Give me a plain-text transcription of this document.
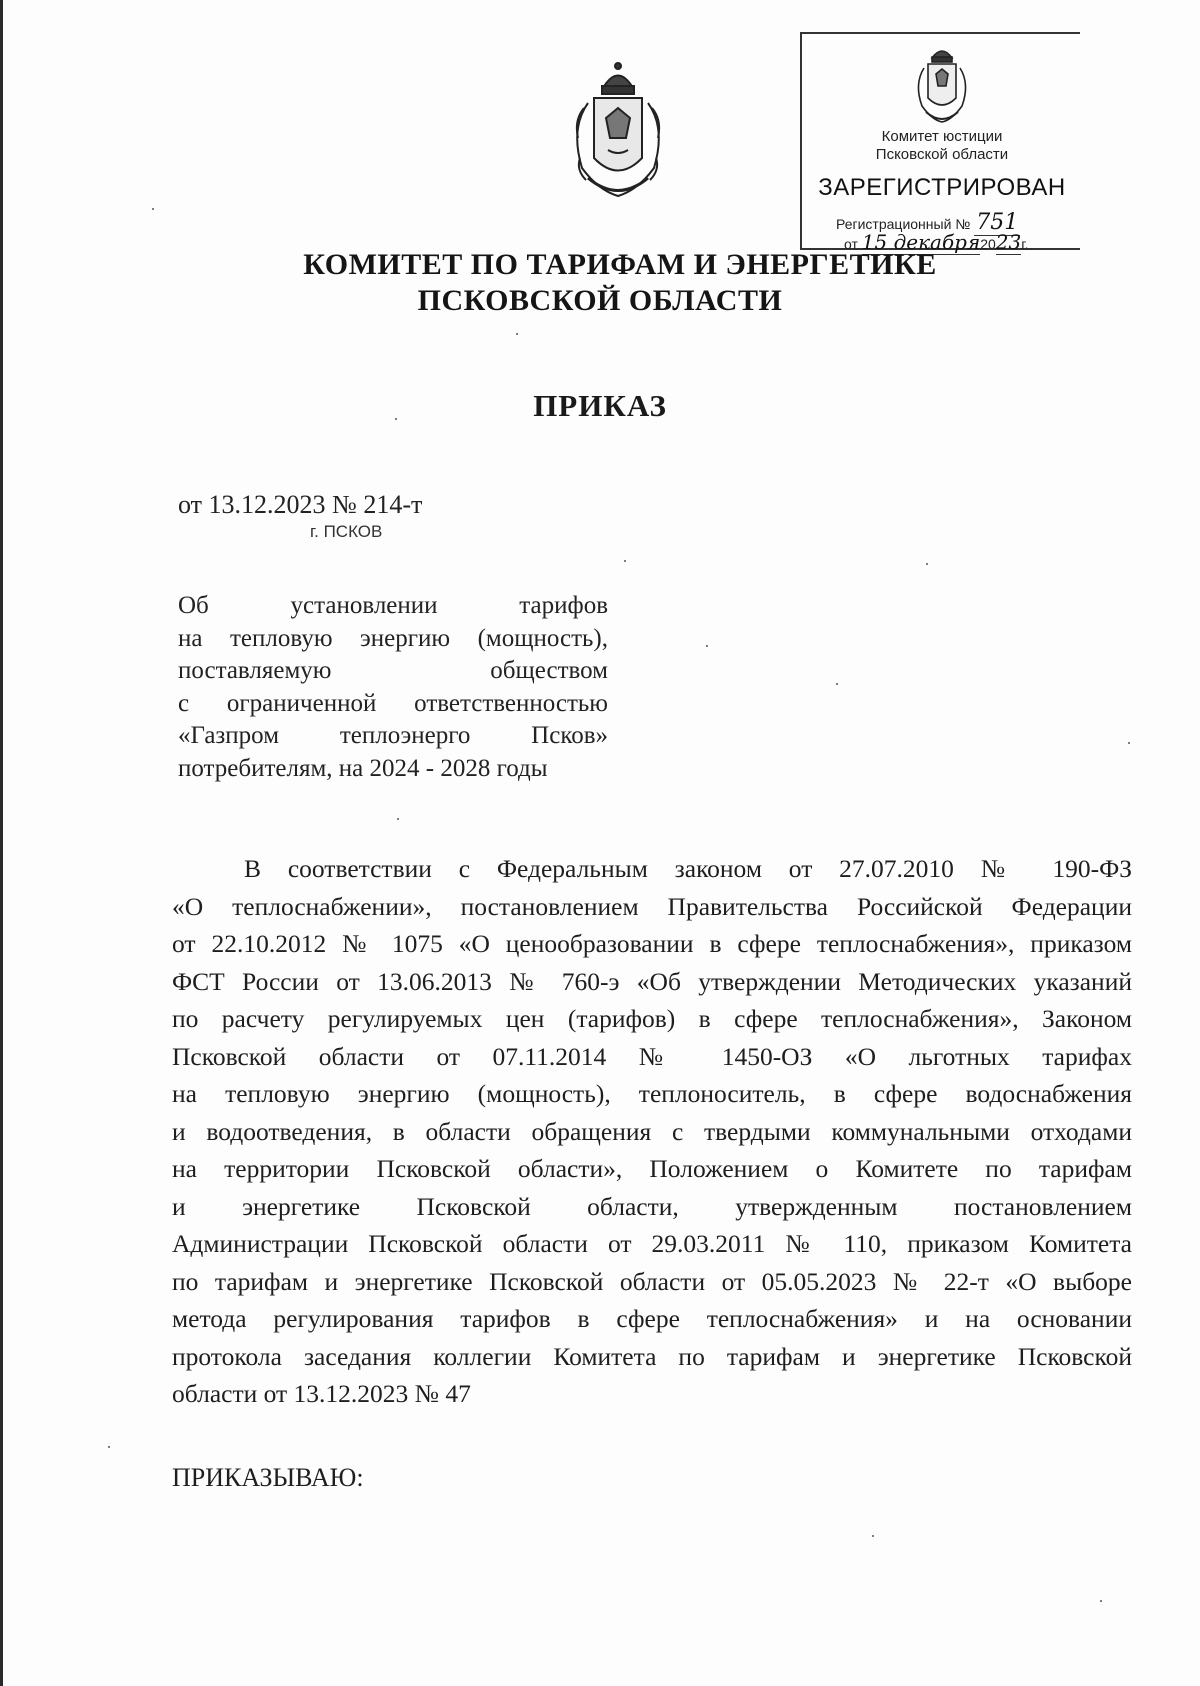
Комитет юстиции
Псковской области
ЗАРЕГИСТРИРОВАН
Регистрационный № 751
от 15 декабря2023г.
КОМИТЕТ ПО ТАРИФАМ И ЭНЕРГЕТИКЕ
ПСКОВСКОЙ ОБЛАСТИ
ПРИКАЗ
от 13.12.2023 № 214-т
г. ПСКОВ
Об установлении тарифов
на тепловую энергию (мощность),
поставляемую обществом
с ограниченной ответственностью
«Газпром теплоэнерго Псков»
потребителям, на 2024 - 2028 годы
В соответствии с Федеральным законом от 27.07.2010 № 190-ФЗ
«О теплоснабжении», постановлением Правительства Российской Федерации
от 22.10.2012 № 1075 «О ценообразовании в сфере теплоснабжения», приказом
ФСТ России от 13.06.2013 № 760-э «Об утверждении Методических указаний
по расчету регулируемых цен (тарифов) в сфере теплоснабжения», Законом
Псковской области от 07.11.2014 № 1450-ОЗ «О льготных тарифах
на тепловую энергию (мощность), теплоноситель, в сфере водоснабжения
и водоотведения, в области обращения с твердыми коммунальными отходами
на территории Псковской области», Положением о Комитете по тарифам
и энергетике Псковской области, утвержденным постановлением
Администрации Псковской области от 29.03.2011 № 110, приказом Комитета
по тарифам и энергетике Псковской области от 05.05.2023 № 22-т «О выборе
метода регулирования тарифов в сфере теплоснабжения» и на основании
протокола заседания коллегии Комитета по тарифам и энергетике Псковской
области от 13.12.2023 № 47
ПРИКАЗЫВАЮ:
